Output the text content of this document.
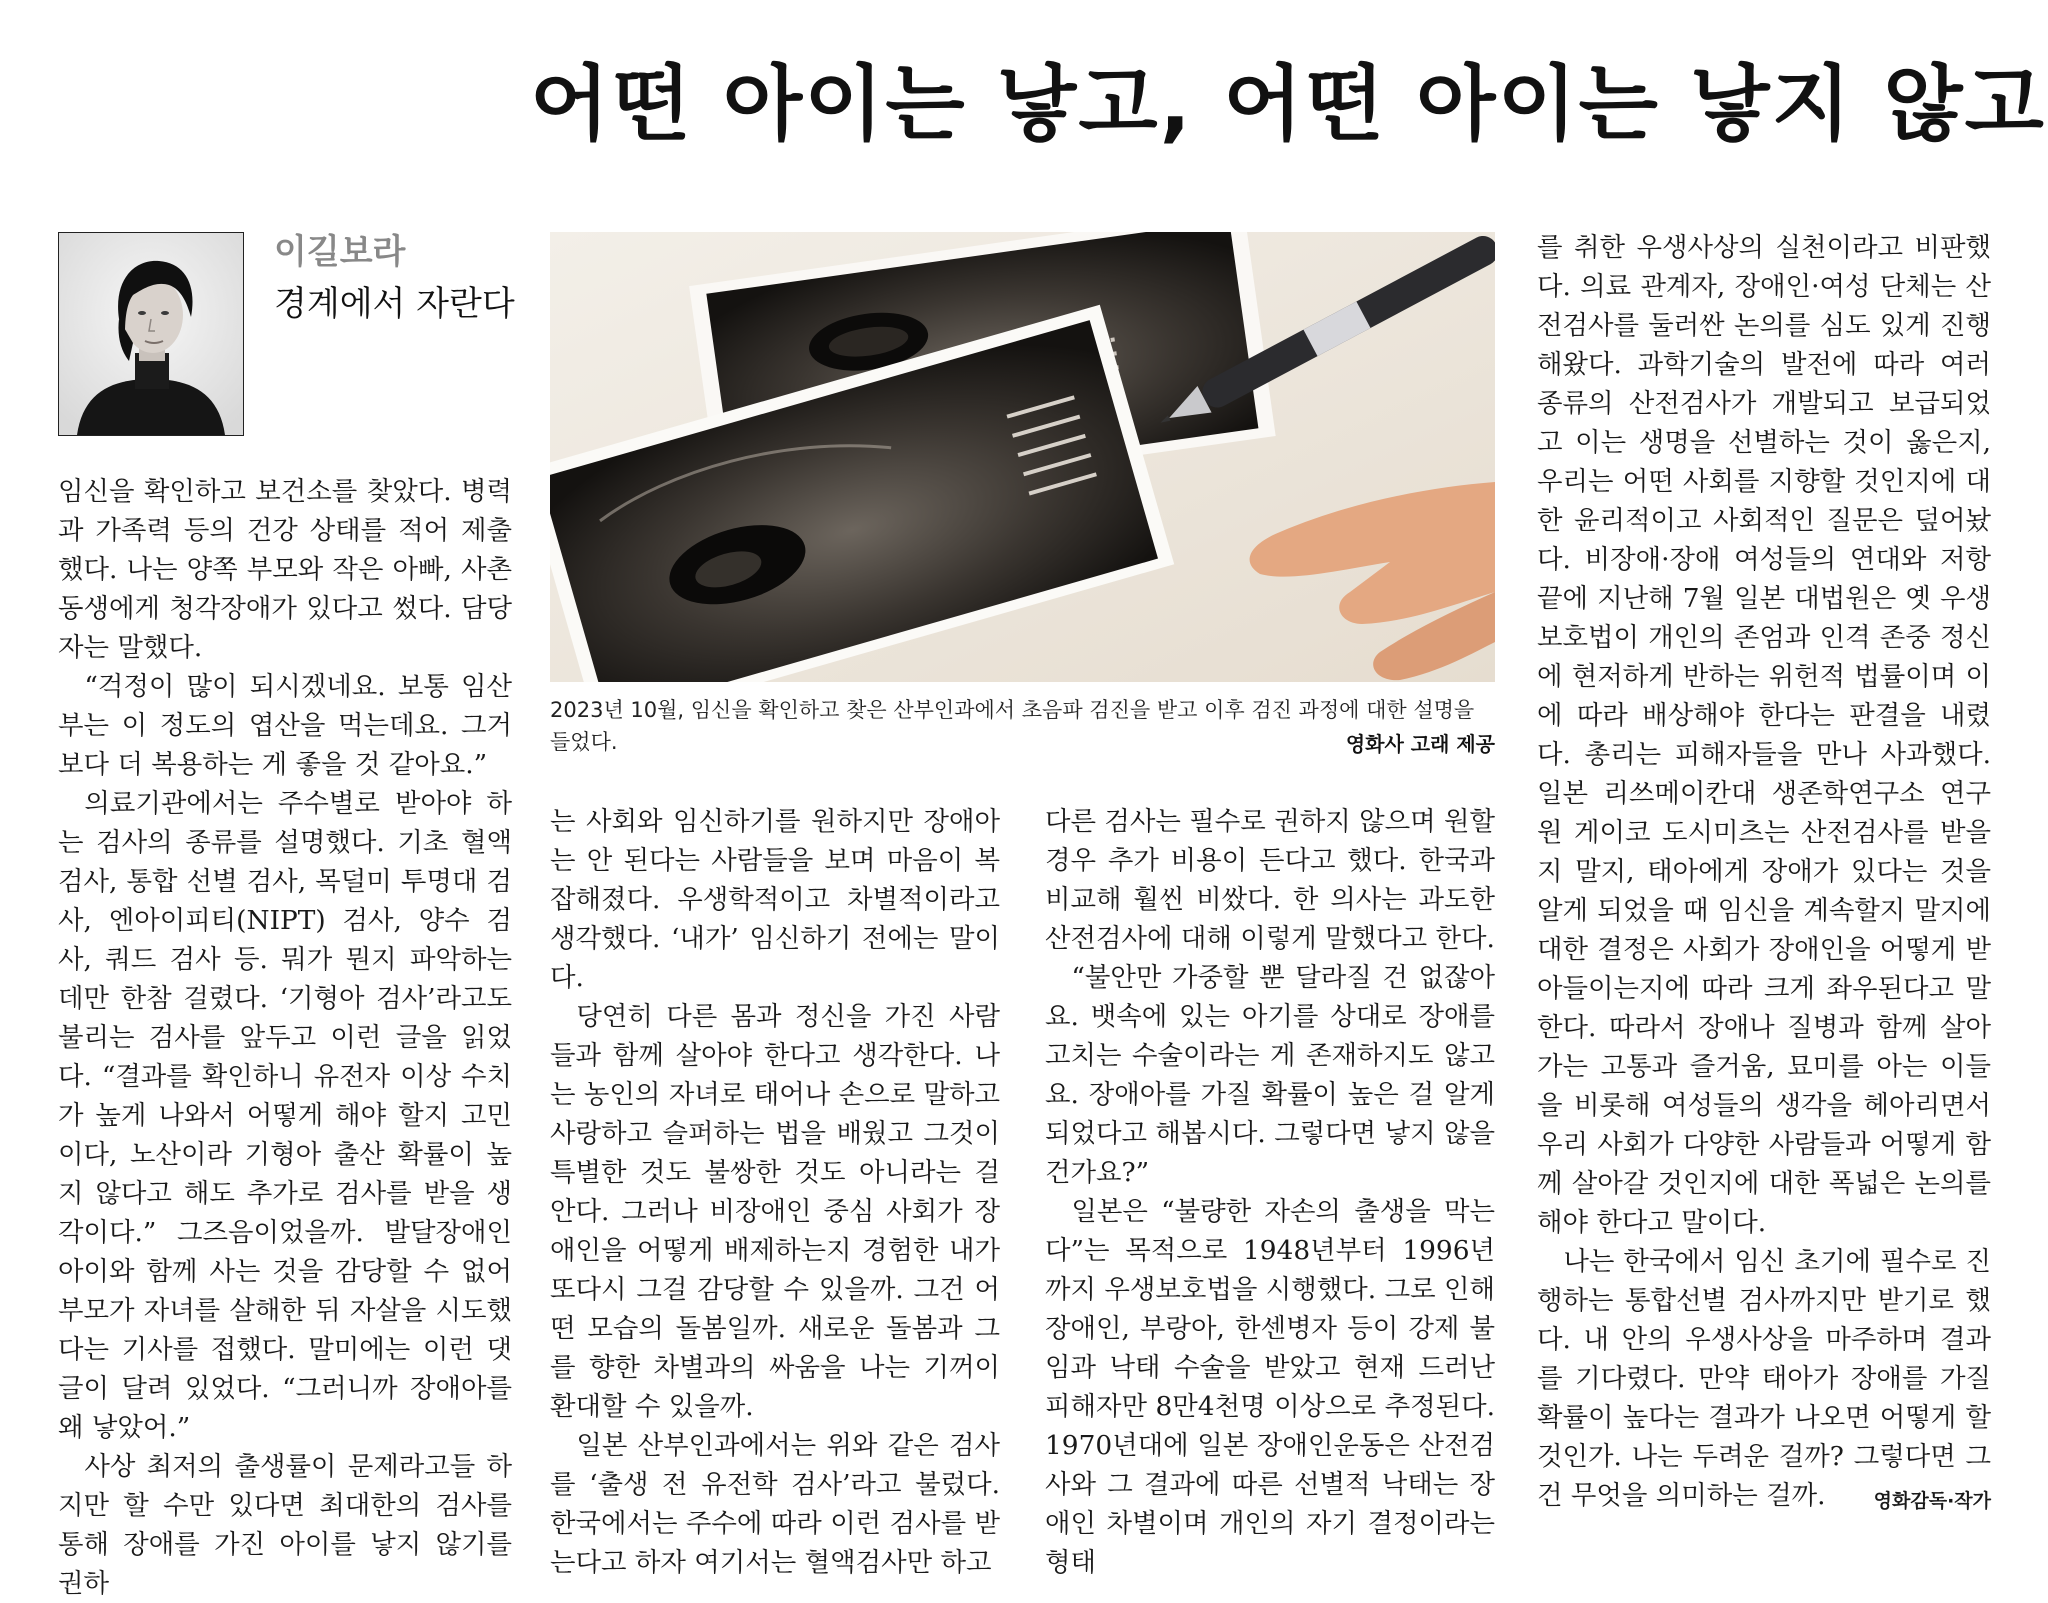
어떤 아이는 낳고, 어떤 아이는 낳지 않고
이길보라
경계에서 자란다
2023년 10월, 임신을 확인하고 찾은 산부인과에서 초음파 검진을 받고 이후 검진 과정에 대한 설명을 들었다.	영화사 고래 제공

임신을 확인하고 보건소를 찾았다. 병력과 가족력 등의 건강 상태를 적어 제출했다. 나는 양쪽 부모와 작은 아빠, 사촌 동생에게 청각장애가 있다고 썼다. 담당자는 말했다.

“걱정이 많이 되시겠네요. 보통 임산부는 이 정도의 엽산을 먹는데요. 그거보다 더 복용하는 게 좋을 것 같아요.”

의료기관에서는 주수별로 받아야 하는 검사의 종류를 설명했다. 기초 혈액검사, 통합 선별 검사, 목덜미 투명대 검사, 엔아이피티(NIPT) 검사, 양수 검사, 쿼드 검사 등. 뭐가 뭔지 파악하는 데만 한참 걸렸다. ‘기형아 검사’라고도 불리는 검사를 앞두고 이런 글을 읽었다. “결과를 확인하니 유전자 이상 수치가 높게 나와서 어떻게 해야 할지 고민이다, 노산이라 기형아 출산 확률이 높지 않다고 해도 추가로 검사를 받을 생각이다.” 그즈음이었을까. 발달장애인 아이와 함께 사는 것을 감당할 수 없어 부모가 자녀를 살해한 뒤 자살을 시도했다는 기사를 접했다. 말미에는 이런 댓글이 달려 있었다. “그러니까 장애아를 왜 낳았어.”

사상 최저의 출생률이 문제라고들 하지만 할 수만 있다면 최대한의 검사를 통해 장애를 가진 아이를 낳지 않기를 권하

는 사회와 임신하기를 원하지만 장애아는 안 된다는 사람들을 보며 마음이 복잡해졌다. 우생학적이고 차별적이라고 생각했다. ‘내가’ 임신하기 전에는 말이다.

당연히 다른 몸과 정신을 가진 사람들과 함께 살아야 한다고 생각한다. 나는 농인의 자녀로 태어나 손으로 말하고 사랑하고 슬퍼하는 법을 배웠고 그것이 특별한 것도 불쌍한 것도 아니라는 걸 안다. 그러나 비장애인 중심 사회가 장애인을 어떻게 배제하는지 경험한 내가 또다시 그걸 감당할 수 있을까. 그건 어떤 모습의 돌봄일까. 새로운 돌봄과 그를 향한 차별과의 싸움을 나는 기꺼이 환대할 수 있을까.

일본 산부인과에서는 위와 같은 검사를 ‘출생 전 유전학 검사’라고 불렀다. 한국에서는 주수에 따라 이런 검사를 받는다고 하자 여기서는 혈액검사만 하고

다른 검사는 필수로 권하지 않으며 원할 경우 추가 비용이 든다고 했다. 한국과 비교해 훨씬 비쌌다. 한 의사는 과도한 산전검사에 대해 이렇게 말했다고 한다.

“불안만 가중할 뿐 달라질 건 없잖아요. 뱃속에 있는 아기를 상대로 장애를 고치는 수술이라는 게 존재하지도 않고요. 장애아를 가질 확률이 높은 걸 알게 되었다고 해봅시다. 그렇다면 낳지 않을 건가요?”

일본은 “불량한 자손의 출생을 막는다”는 목적으로 1948년부터 1996년까지 우생보호법을 시행했다. 그로 인해 장애인, 부랑아, 한센병자 등이 강제 불임과 낙태 수술을 받았고 현재 드러난 피해자만 8만4천명 이상으로 추정된다. 1970년대에 일본 장애인운동은 산전검사와 그 결과에 따른 선별적 낙태는 장애인 차별이며 개인의 자기 결정이라는 형태

를 취한 우생사상의 실천이라고 비판했다. 의료 관계자, 장애인·여성 단체는 산전검사를 둘러싼 논의를 심도 있게 진행해왔다. 과학기술의 발전에 따라 여러 종류의 산전검사가 개발되고 보급되었고 이는 생명을 선별하는 것이 옳은지, 우리는 어떤 사회를 지향할 것인지에 대한 윤리적이고 사회적인 질문은 덮어놨다. 비장애·장애 여성들의 연대와 저항 끝에 지난해 7월 일본 대법원은 옛 우생보호법이 개인의 존엄과 인격 존중 정신에 현저하게 반하는 위헌적 법률이며 이에 따라 배상해야 한다는 판결을 내렸다. 총리는 피해자들을 만나 사과했다. 일본 리쓰메이칸대 생존학연구소 연구원 게이코 도시미츠는 산전검사를 받을지 말지, 태아에게 장애가 있다는 것을 알게 되었을 때 임신을 계속할지 말지에 대한 결정은 사회가 장애인을 어떻게 받아들이는지에 따라 크게 좌우된다고 말한다. 따라서 장애나 질병과 함께 살아가는 고통과 즐거움, 묘미를 아는 이들을 비롯해 여성들의 생각을 헤아리면서 우리 사회가 다양한 사람들과 어떻게 함께 살아갈 것인지에 대한 폭넓은 논의를 해야 한다고 말이다.

나는 한국에서 임신 초기에 필수로 진행하는 통합선별 검사까지만 받기로 했다. 내 안의 우생사상을 마주하며 결과를 기다렸다. 만약 태아가 장애를 가질 확률이 높다는 결과가 나오면 어떻게 할 것인가. 나는 두려운 걸까? 그렇다면 그건 무엇을 의미하는 걸까.	영화감독·작가
